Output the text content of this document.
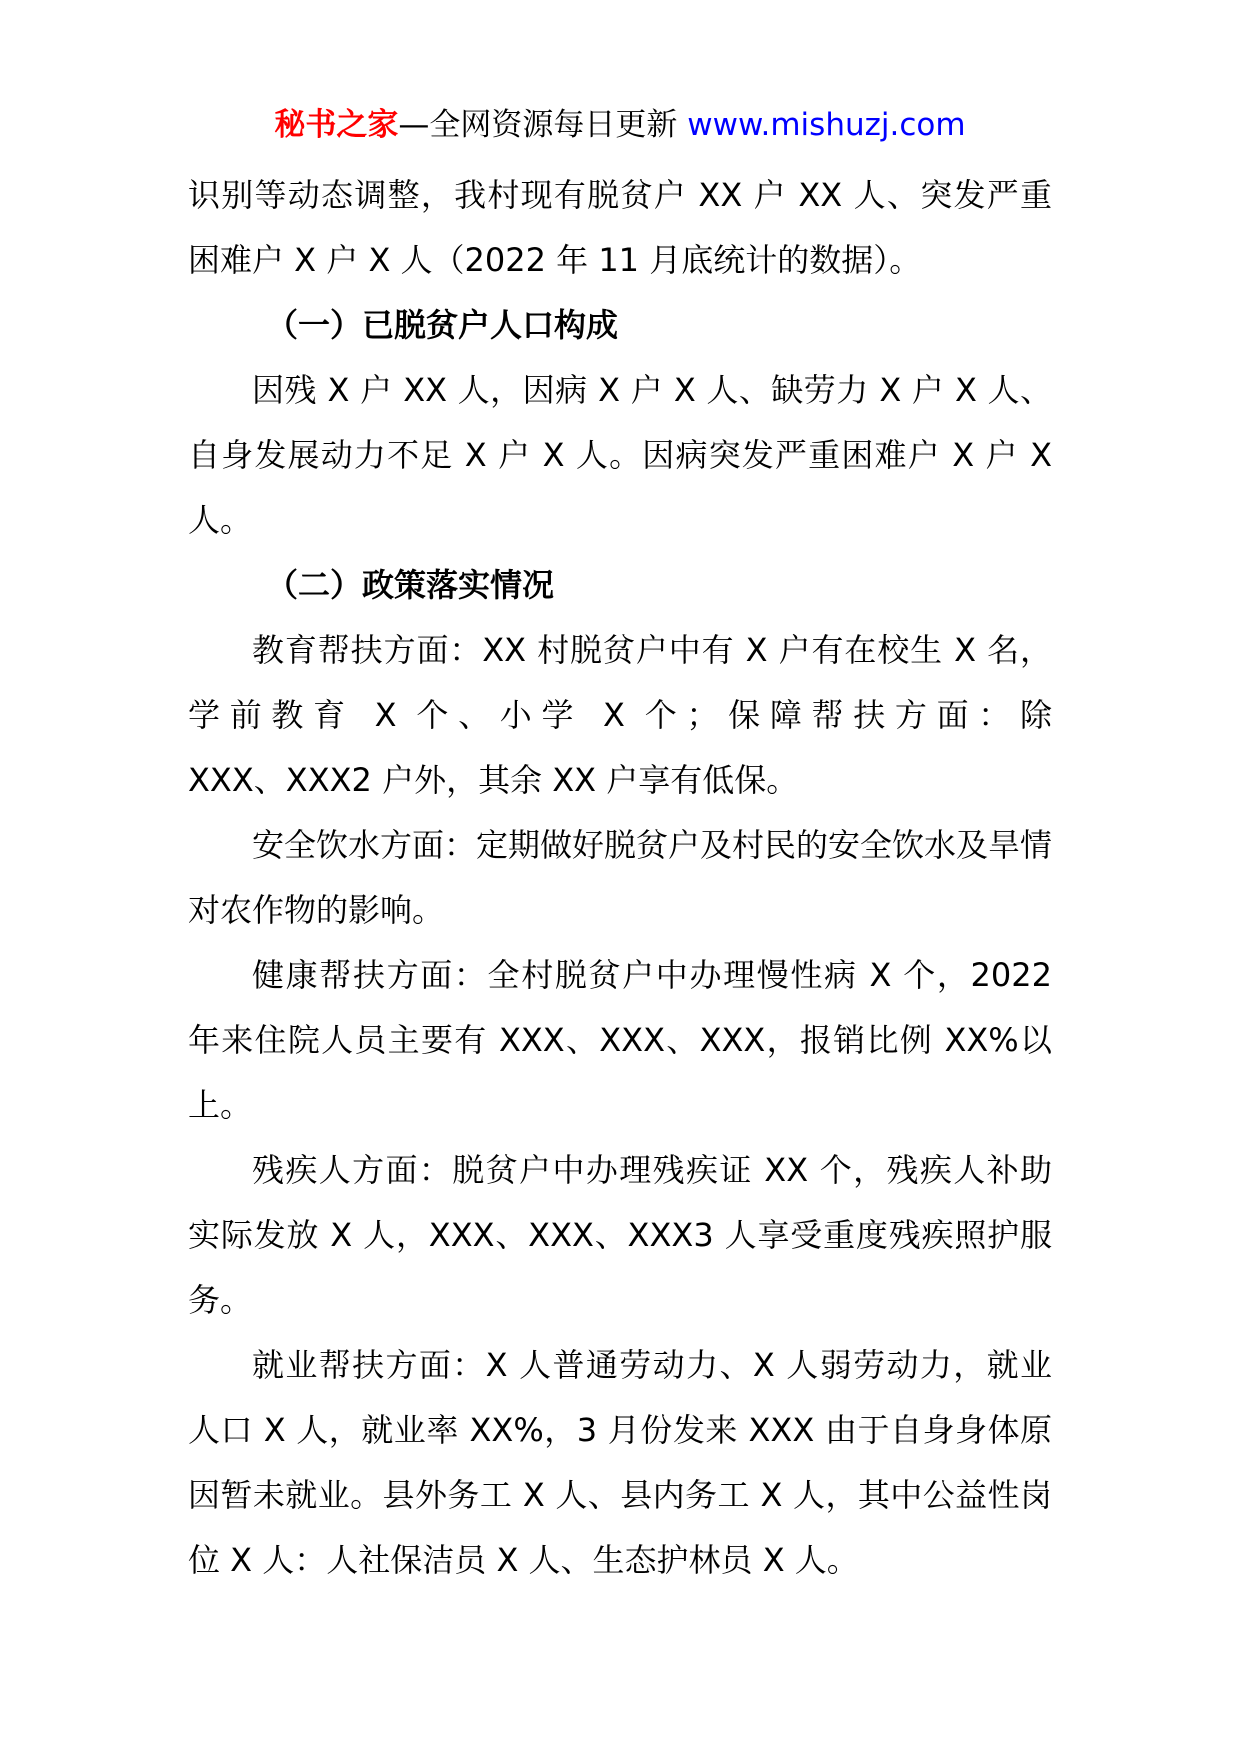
秘书之家—全网资源每日更新 www.mishuzj.com

识别等动态调整，我村现有脱贫户 XX 户 XX 人、突发严重困难户 X 户 X 人（2022 年 11 月底统计的数据）。

（一）已脱贫户人口构成

因残 X 户 XX 人，因病 X 户 X 人、缺劳力 X 户 X 人、自身发展动力不足 X 户 X 人。因病突发严重困难户 X 户 X 人。

（二）政策落实情况

教育帮扶方面：XX 村脱贫户中有 X 户有在校生 X 名，

学前教育 X 个、小学 X 个；保障帮扶方面：除

XXX、XXX2 户外，其余 XX 户享有低保。

安全饮水方面：定期做好脱贫户及村民的安全饮水及旱情对农作物的影响。

健康帮扶方面：全村脱贫户中办理慢性病 X 个，2022 年来住院人员主要有 XXX、XXX、XXX，报销比例 XX%以上。

残疾人方面：脱贫户中办理残疾证 XX 个，残疾人补助实际发放 X 人，XXX、XXX、XXX3 人享受重度残疾照护服务。

就业帮扶方面：X 人普通劳动力、X 人弱劳动力，就业人口 X 人，就业率 XX%，3 月份发来 XXX 由于自身身体原因暂未就业。县外务工 X 人、县内务工 X 人，其中公益性岗位 X 人：人社保洁员 X 人、生态护林员 X 人。
